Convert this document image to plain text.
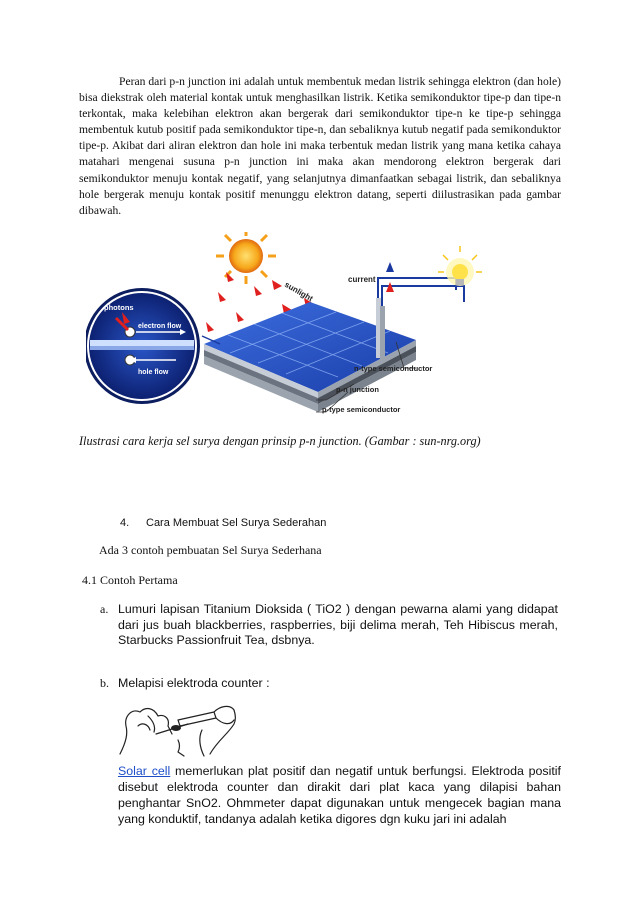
Peran dari p-n junction ini adalah untuk membentuk medan listrik sehingga elektron (dan hole) bisa diekstrak oleh material kontak untuk menghasilkan listrik. Ketika semikonduktor tipe-p dan tipe-n terkontak, maka kelebihan elektron akan bergerak dari semikonduktor tipe-n ke tipe-p sehingga membentuk kutub positif pada semikonduktor tipe-n, dan sebaliknya kutub negatif pada semikonduktor tipe-p. Akibat dari aliran elektron dan hole ini maka terbentuk medan listrik yang mana ketika cahaya matahari mengenai susuna p-n junction ini maka akan mendorong elektron bergerak dari semikonduktor menuju kontak negatif, yang selanjutnya dimanfaatkan sebagai listrik, dan sebaliknya hole bergerak menuju kontak positif menunggu elektron datang, seperti diilustrasikan pada gambar dibawah.
sunlight
current
n-type semiconductor
p-n junction
p-type semiconductor
photons
electron flow
hole flow
Ilustrasi cara kerja sel surya dengan prinsip p-n junction. (Gambar : sun-nrg.org)
4. Cara Membuat Sel Surya Sederahan
Ada 3 contoh pembuatan Sel Surya Sederhana
4.1 Contoh Pertama
a. Lumuri lapisan Titanium Dioksida ( TiO2 ) dengan pewarna alami yang didapat dari jus buah blackberries, raspberries, biji delima merah, Teh Hibiscus merah, Starbucks Passionfruit Tea, dsbnya.
b. Melapisi elektroda counter :
Solar cell memerlukan plat positif dan negatif untuk berfungsi. Elektroda positif disebut elektroda counter dan dirakit dari plat kaca yang dilapisi bahan penghantar SnO2. Ohmmeter dapat digunakan untuk mengecek bagian mana yang konduktif, tandanya adalah ketika digores dgn kuku jari ini adalah
